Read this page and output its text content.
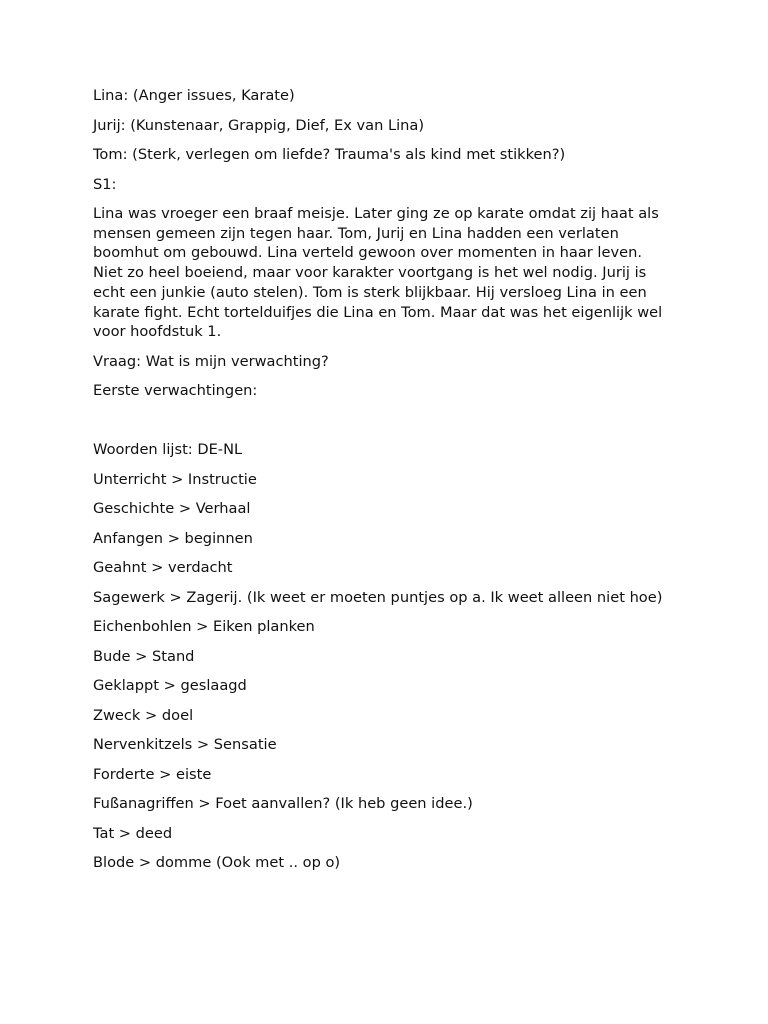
Lina: (Anger issues, Karate)

Jurij: (Kunstenaar, Grappig, Dief, Ex van Lina)

Tom: (Sterk, verlegen om liefde? Trauma's als kind met stikken?)

S1:

Lina was vroeger een braaf meisje. Later ging ze op karate omdat zij haat als mensen gemeen zijn tegen haar. Tom, Jurij en Lina hadden een verlaten boomhut om gebouwd. Lina verteld gewoon over momenten in haar leven. Niet zo heel boeiend, maar voor karakter voortgang is het wel nodig. Jurij is echt een junkie (auto stelen). Tom is sterk blijkbaar. Hij versloeg Lina in een karate fight. Echt tortelduifjes die Lina en Tom. Maar dat was het eigenlijk wel voor hoofdstuk 1.

Vraag: Wat is mijn verwachting?

Eerste verwachtingen:

Woorden lijst: DE-NL

Unterricht > Instructie

Geschichte > Verhaal

Anfangen > beginnen

Geahnt > verdacht

Sagewerk > Zagerij. (Ik weet er moeten puntjes op a. Ik weet alleen niet hoe)

Eichenbohlen > Eiken planken

Bude > Stand

Geklappt > geslaagd

Zweck > doel

Nervenkitzels > Sensatie

Forderte > eiste

Fußanagriffen > Foet aanvallen? (Ik heb geen idee.)

Tat > deed

Blode > domme (Ook met .. op o)
